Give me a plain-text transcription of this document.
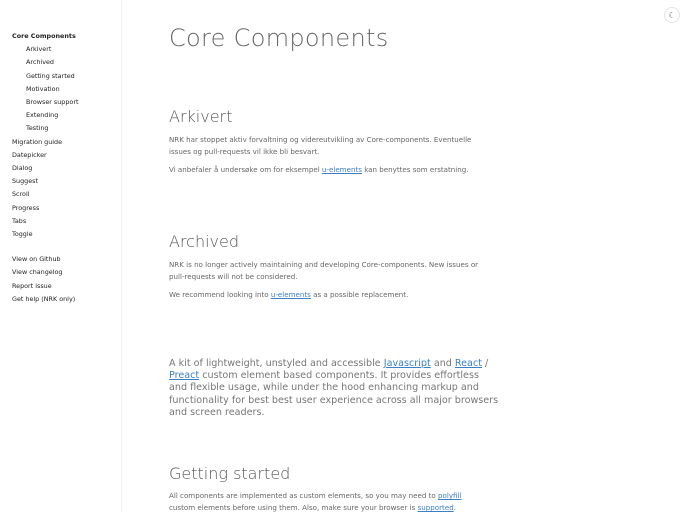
Core Components
Arkivert
Archived
Getting started
Motivation
Browser support
Extending
Testing
Migration guide
Datepicker
Dialog
Suggest
Scroll
Progress
Tabs
Toggle
View on Github
View changelog
Report issue
Get help (NRK only)
☾
Core Components
Arkivert

NRK har stoppet aktiv forvaltning og videreutvikling av Core-components. Eventuelle issues og pull-requests vil ikke bli besvart.

Vi anbefaler å undersøke om for eksempel u-elements kan benyttes som erstatning.

Archived

NRK is no longer actively maintaining and developing Core-components. New issues or pull-requests will not be considered.

We recommend looking into u-elements as a possible replacement.

A kit of lightweight, unstyled and accessible Javascript and React / Preact custom element based components. It provides effortless and flexible usage, while under the hood enhancing markup and functionality for best best user experience across all major browsers and screen readers.

Getting started

All components are implemented as custom elements, so you may need to polyfill custom elements before using them. Also, make sure your browser is supported.
